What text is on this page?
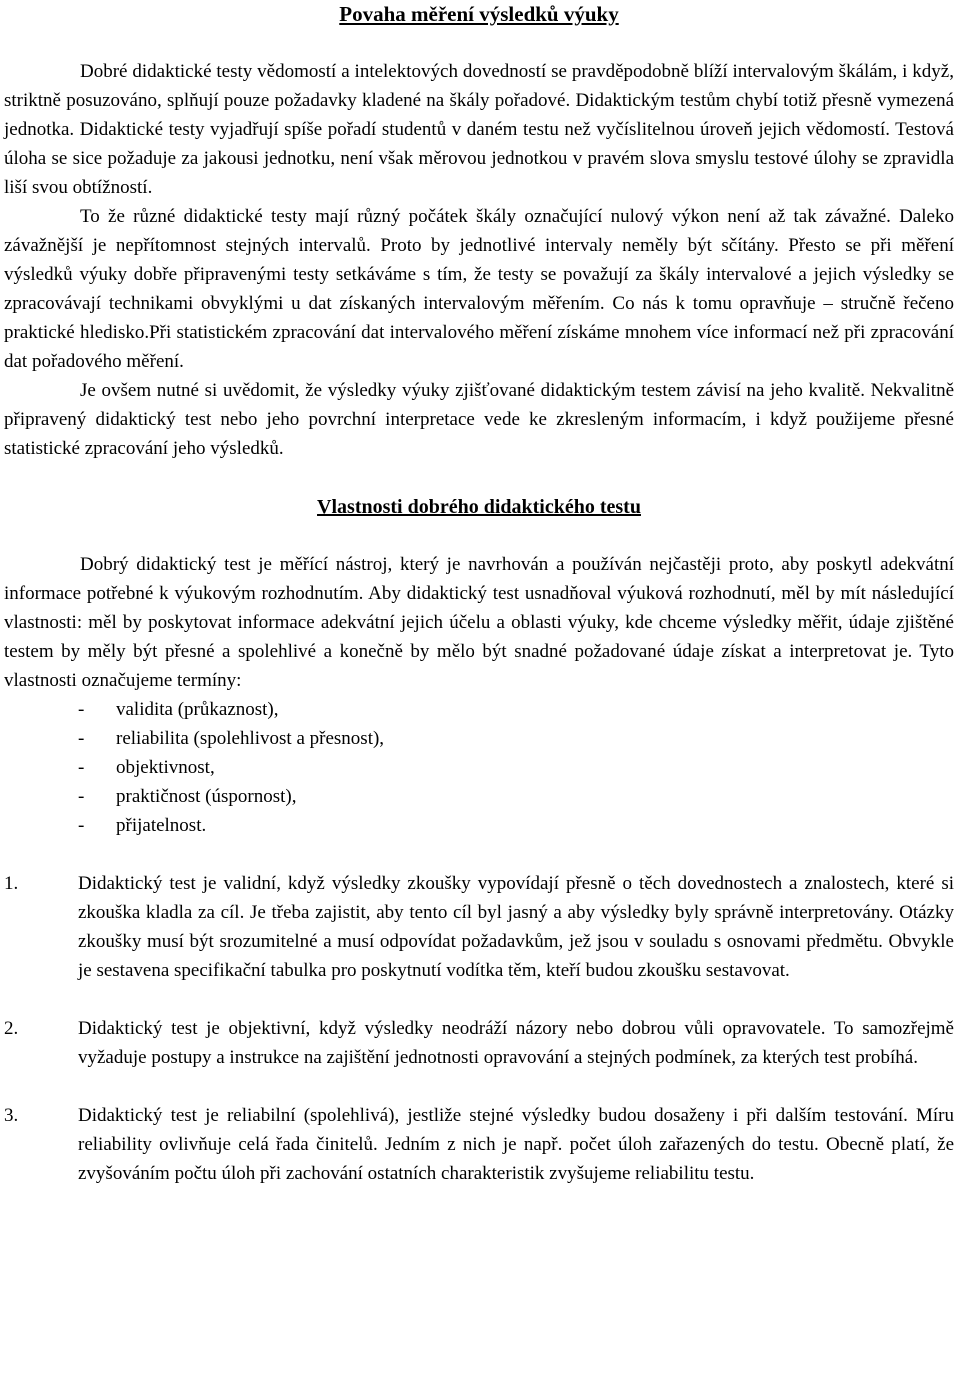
Povaha měření výsledků výuky

Dobré didaktické testy vědomostí a intelektových dovedností se pravděpodobně blíží intervalovým škálám, i když, striktně posuzováno, splňují pouze požadavky kladené na škály pořadové. Didaktickým testům chybí totiž přesně vymezená jednotka. Didaktické testy vyjadřují spíše pořadí studentů v daném testu než vyčíslitelnou úroveň jejich vědomostí. Testová úloha se sice požaduje za jakousi jednotku, není však měrovou jednotkou v pravém slova smyslu testové úlohy se zpravidla liší svou obtížností.

To že různé didaktické testy mají různý počátek škály označující nulový výkon není až tak závažné. Daleko závažnější je nepřítomnost stejných intervalů. Proto by jednotlivé intervaly neměly být sčítány. Přesto se při měření výsledků výuky dobře připravenými testy setkáváme s tím, že testy se považují za škály intervalové a jejich výsledky se zpracovávají technikami obvyklými u dat získaných intervalovým měřením. Co nás k tomu opravňuje – stručně řečeno praktické hledisko.Při statistickém zpracování dat intervalového měření získáme mnohem více informací než při zpracování dat pořadového měření.

Je ovšem nutné si uvědomit, že výsledky výuky zjišťované didaktickým testem závisí na jeho kvalitě. Nekvalitně připravený didaktický test nebo jeho povrchní interpretace vede ke zkresleným informacím, i když použijeme přesné statistické zpracování jeho výsledků.

Vlastnosti dobrého didaktického testu

Dobrý didaktický test je měřící nástroj, který je navrhován a používán nejčastěji proto, aby poskytl adekvátní informace potřebné k výukovým rozhodnutím. Aby didaktický test usnadňoval výuková rozhodnutí, měl by mít následující vlastnosti: měl by poskytovat informace adekvátní jejich účelu a oblasti výuky, kde chceme výsledky měřit, údaje zjištěné testem by měly být přesné a spolehlivé a konečně by mělo být snadné požadované údaje získat a interpretovat je. Tyto vlastnosti označujeme termíny:

- validita (průkaznost),
- reliabilita (spolehlivost a přesnost),
- objektivnost,
- praktičnost (úspornost),
- přijatelnost.
1.	Didaktický test je validní, když výsledky zkoušky vypovídají přesně o těch dovednostech a znalostech, které si zkouška kladla za cíl. Je třeba zajistit, aby tento cíl byl jasný a aby výsledky byly správně interpretovány. Otázky zkoušky musí být srozumitelné a musí odpovídat požadavkům, jež jsou v souladu s osnovami předmětu. Obvykle je sestavena specifikační tabulka pro poskytnutí vodítka těm, kteří budou zkoušku sestavovat.
2.	Didaktický test je objektivní, když výsledky neodráží názory nebo dobrou vůli opravovatele. To samozřejmě vyžaduje postupy a instrukce na zajištění jednotnosti opravování a stejných podmínek, za kterých test probíhá.
3.	Didaktický test je reliabilní (spolehlivá), jestliže stejné výsledky budou dosaženy i při dalším testování. Míru reliability ovlivňuje celá řada činitelů. Jedním z nich je např. počet úloh zařazených do testu. Obecně platí, že zvyšováním počtu úloh při zachování ostatních charakteristik zvyšujeme reliabilitu testu.
